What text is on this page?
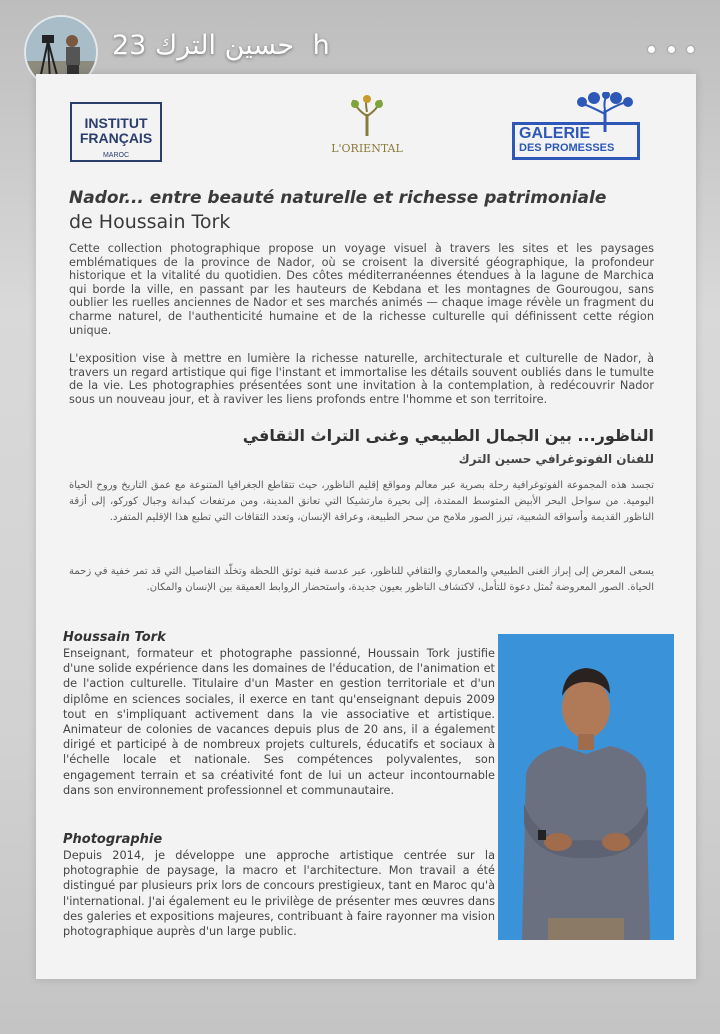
حسين الترك 23 h
INSTITUT
FRANÇAIS
MAROC
L'ORIENTAL
GALERIE
DES PROMESSES
Nador... entre beauté naturelle et richesse patrimoniale
de Houssain Tork
Cette collection photographique propose un voyage visuel à travers les sites et les paysages emblématiques de la province de Nador, où se croisent la diversité géographique, la profondeur historique et la vitalité du quotidien. Des côtes méditerranéennes étendues à la lagune de Marchica qui borde la ville, en passant par les hauteurs de Kebdana et les montagnes de Gourougou, sans oublier les ruelles anciennes de Nador et ses marchés animés — chaque image révèle un fragment du charme naturel, de l'authenticité humaine et de la richesse culturelle qui définissent cette région unique.
L'exposition vise à mettre en lumière la richesse naturelle, architecturale et culturelle de Nador, à travers un regard artistique qui fige l'instant et immortalise les détails souvent oubliés dans le tumulte de la vie. Les photographies présentées sont une invitation à la contemplation, à redécouvrir Nador sous un nouveau jour, et à raviver les liens profonds entre l'homme et son territoire.
الناظور... بين الجمال الطبيعي وغنى التراث الثقافي
للفنان الفوتوغرافي حسين الترك
تجسد هذه المجموعة الفوتوغرافية رحلة بصرية عبر معالم ومواقع إقليم الناظور، حيث تتقاطع الجغرافيا المتنوعة مع عمق التاريخ وروح الحياة اليومية. من سواحل البحر الأبيض المتوسط الممتدة، إلى بحيرة مارتشيكا التي تعانق المدينة، ومن مرتفعات كبدانة وجبال كوركو، إلى أزقة الناظور القديمة وأسواقه الشعبية، تبرز الصور ملامح من سحر الطبيعة، وعراقة الإنسان، وتعدد الثقافات التي تطبع هذا الإقليم المتفرد.
يسعى المعرض إلى إبراز الغنى الطبيعي والمعماري والثقافي للناظور، عبر عدسة فنية توثق اللحظة وتخلّد التفاصيل التي قد تمر خفية في زحمة الحياة. الصور المعروضة تُمثل دعوة للتأمل، لاكتشاف الناظور بعيون جديدة، واستحضار الروابط العميقة بين الإنسان والمكان.
Houssain Tork
Enseignant, formateur et photographe passionné, Houssain Tork justifie d'une solide expérience dans les domaines de l'éducation, de l'animation et de l'action culturelle. Titulaire d'un Master en gestion territoriale et d'un diplôme en sciences sociales, il exerce en tant qu'enseignant depuis 2009 tout en s'impliquant activement dans la vie associative et artistique. Animateur de colonies de vacances depuis plus de 20 ans, il a également dirigé et participé à de nombreux projets culturels, éducatifs et sociaux à l'échelle locale et nationale. Ses compétences polyvalentes, son engagement terrain et sa créativité font de lui un acteur incontournable dans son environnement professionnel et communautaire.
Photographie
Depuis 2014, je développe une approche artistique centrée sur la photographie de paysage, la macro et l'architecture. Mon travail a été distingué par plusieurs prix lors de concours prestigieux, tant en Maroc qu'à l'international. J'ai également eu le privilège de présenter mes œuvres dans des galeries et expositions majeures, contribuant à faire rayonner ma vision photographique auprès d'un large public.
